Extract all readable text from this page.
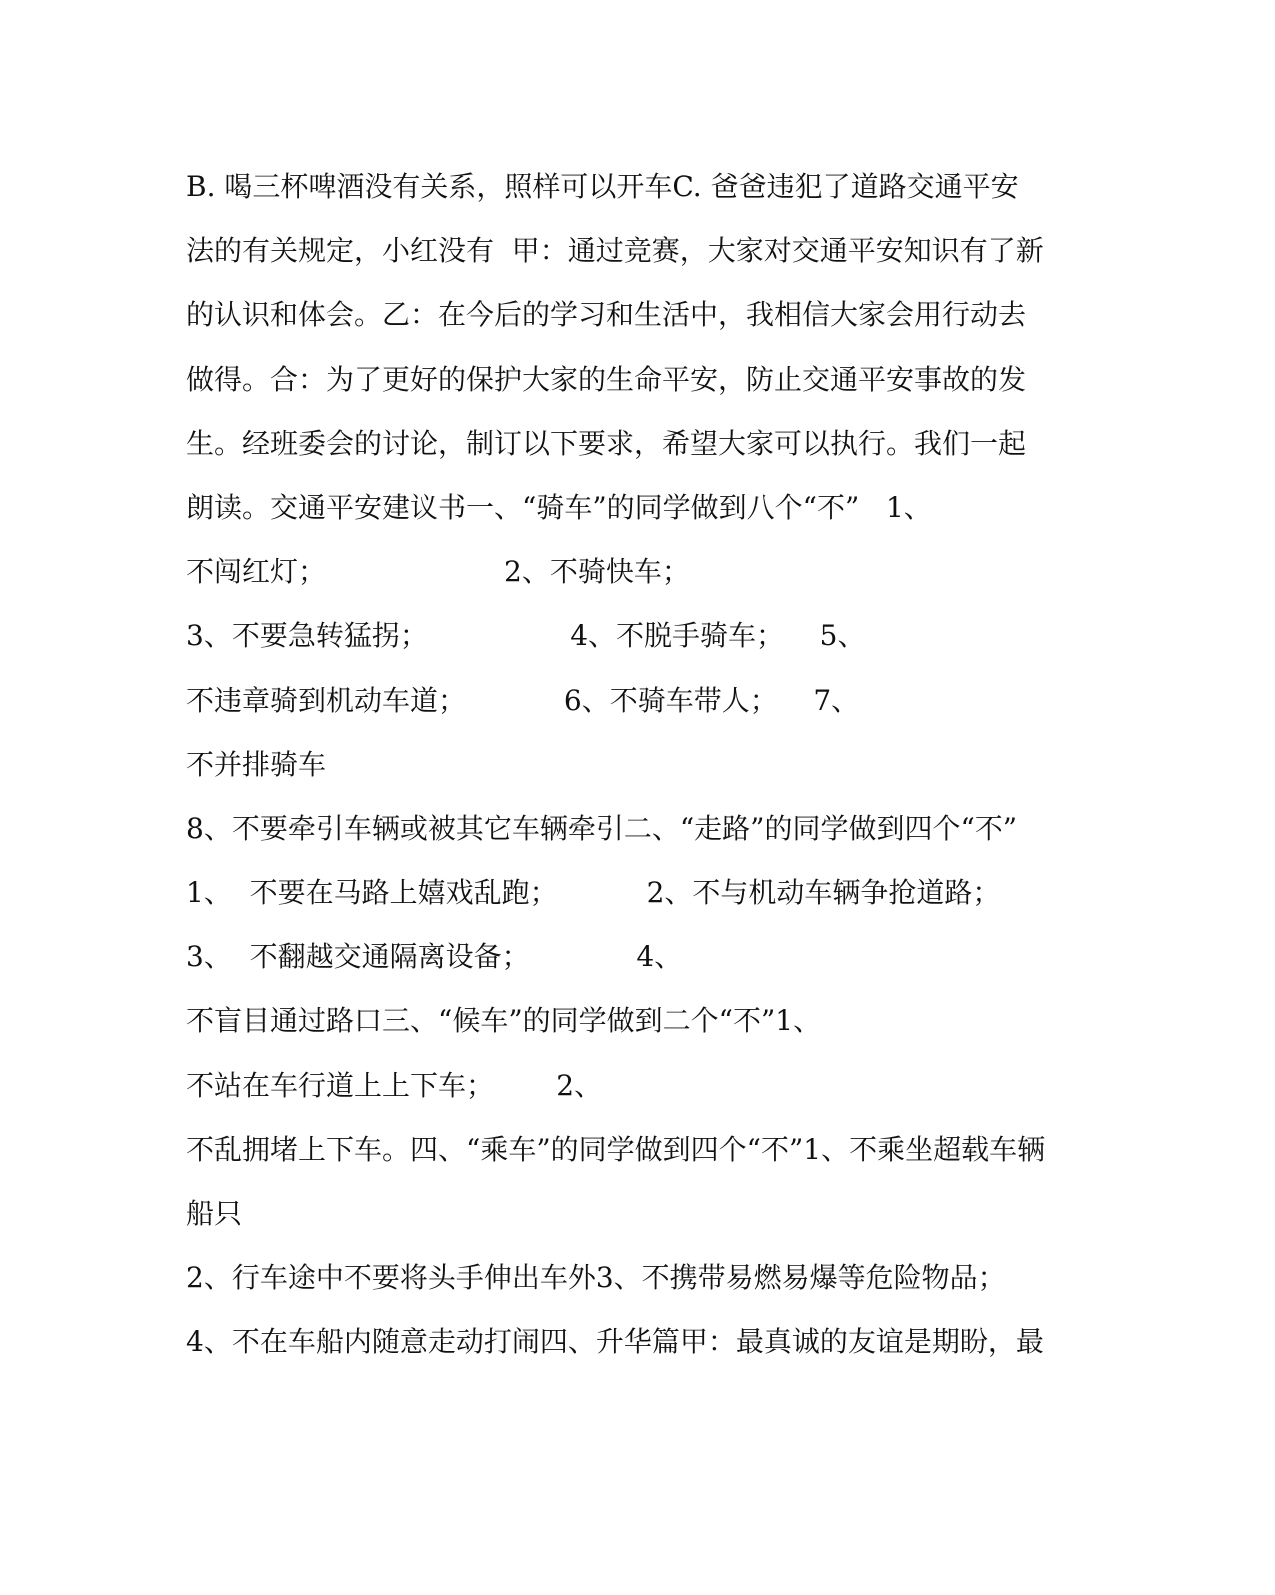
B. 喝三杯啤酒没有关系，照样可以开车C. 爸爸违犯了道路交通平安
法的有关规定，小红没有  甲：通过竞赛，大家对交通平安知识有了新
的认识和体会。乙：在今后的学习和生活中，我相信大家会用行动去
做得。合：为了更好的保护大家的生命平安，防止交通平安事故的发
生。经班委会的讨论，制订以下要求，希望大家可以执行。我们一起
朗读。交通平安建议书一、“骑车”的同学做到八个“不”   1、
不闯红灯；                    2、不骑快车；
3、不要急转猛拐；                4、不脱手骑车；    5、
不违章骑到机动车道；           6、不骑车带人；    7、
不并排骑车
8、不要牵引车辆或被其它车辆牵引二、“走路”的同学做到四个“不”
1、  不要在马路上嬉戏乱跑；          2、不与机动车辆争抢道路；
3、  不翻越交通隔离设备；            4、
不盲目通过路口三、“候车”的同学做到二个“不”1、
不站在车行道上上下车；       2、
不乱拥堵上下车。四、“乘车”的同学做到四个“不”1、不乘坐超载车辆
船只
2、行车途中不要将头手伸出车外3、不携带易燃易爆等危险物品；
4、不在车船内随意走动打闹四、升华篇甲：最真诚的友谊是期盼，最
